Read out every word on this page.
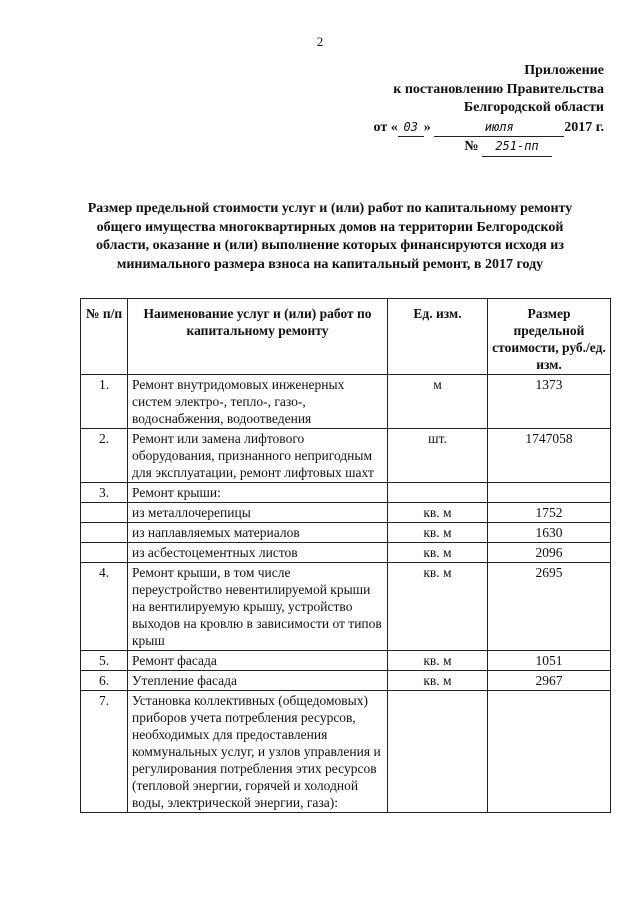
2
Приложение
к постановлению Правительства
Белгородской области
от « 03 »	июля	2017 г.
№ 251-пп
Размер предельной стоимости услуг и (или) работ по капитальному ремонту общего имущества многоквартирных домов на территории Белгородской области, оказание и (или) выполнение которых финансируются исходя из минимального размера взноса на капитальный ремонт, в 2017 году
№ п/п	Наименование услуг и (или) работ по капитальному ремонту	Ед. изм.	Размер предельной стоимости, руб./ед. изм.
1.	Ремонт внутридомовых инженерных систем электро-, тепло-, газо-, водоснабжения, водоотведения	м	1373
2.	Ремонт или замена лифтового оборудования, признанного непригодным для эксплуатации, ремонт лифтовых шахт	шт.	1747058
3.	Ремонт крыши:		
	из металлочерепицы	кв. м	1752
	из наплавляемых материалов	кв. м	1630
	из асбестоцементных листов	кв. м	2096
4.	Ремонт крыши, в том числе переустройство невентилируемой крыши на вентилируемую крышу, устройство выходов на кровлю в зависимости от типов крыш	кв. м	2695
5.	Ремонт фасада	кв. м	1051
6.	Утепление фасада	кв. м	2967
7.	Установка коллективных (общедомовых) приборов учета потребления ресурсов, необходимых для предоставления коммунальных услуг, и узлов управления и регулирования потребления этих ресурсов (тепловой энергии, горячей и холодной воды, электрической энергии, газа):		
